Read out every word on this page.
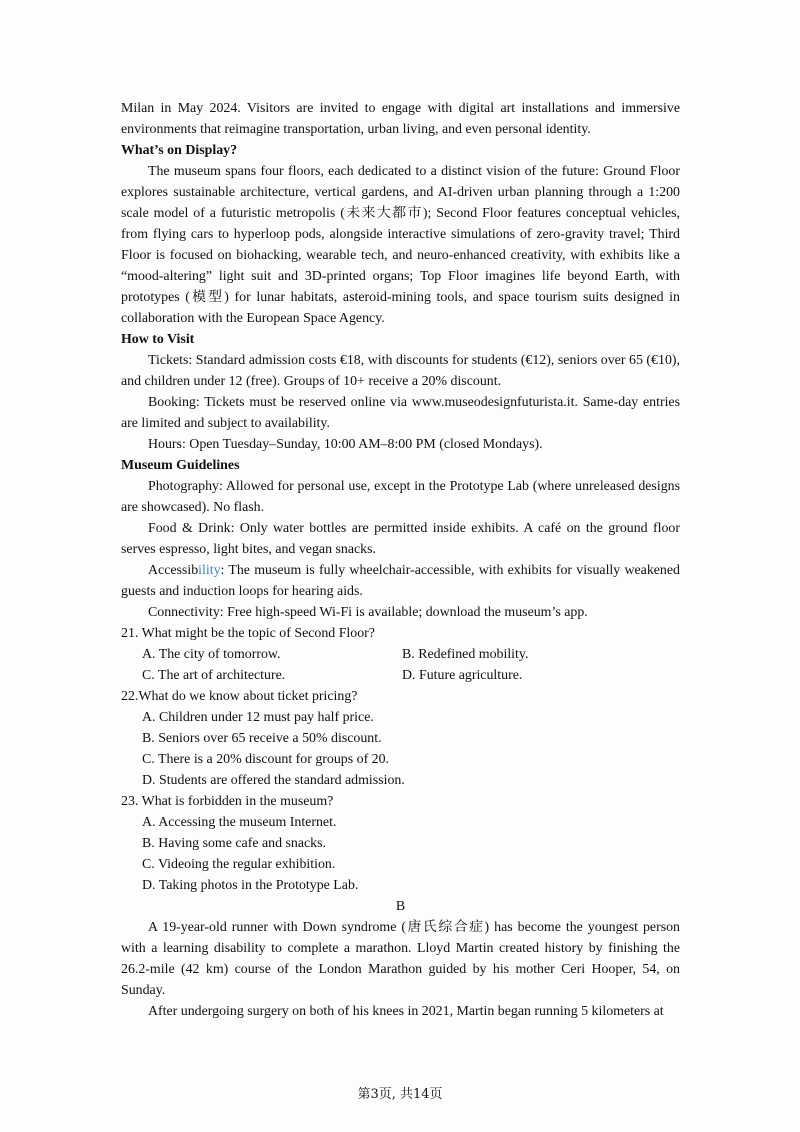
Milan in May 2024. Visitors are invited to engage with digital art installations and immersive environments that reimagine transportation, urban living, and even personal identity.

What’s on Display?

The museum spans four floors, each dedicated to a distinct vision of the future: Ground Floor explores sustainable architecture, vertical gardens, and AI-driven urban planning through a 1:200 scale model of a futuristic metropolis (未来大都市); Second Floor features conceptual vehicles, from flying cars to hyperloop pods, alongside interactive simulations of zero-gravity travel; Third Floor is focused on biohacking, wearable tech, and neuro-enhanced creativity, with exhibits like a “mood-altering” light suit and 3D-printed organs; Top Floor imagines life beyond Earth, with prototypes (模型) for lunar habitats, asteroid-mining tools, and space tourism suits designed in collaboration with the European Space Agency.

How to Visit

Tickets: Standard admission costs €18, with discounts for students (€12), seniors over 65 (€10), and children under 12 (free). Groups of 10+ receive a 20% discount.

Booking: Tickets must be reserved online via www.museodesignfuturista.it. Same-day entries are limited and subject to availability.

Hours: Open Tuesday–Sunday, 10:00 AM–8:00 PM (closed Mondays).

Museum Guidelines

Photography: Allowed for personal use, except in the Prototype Lab (where unreleased designs are showcased). No flash.

Food & Drink: Only water bottles are permitted inside exhibits. A café on the ground floor serves espresso, light bites, and vegan snacks.

Accessibility: The museum is fully wheelchair-accessible, with exhibits for visually weakened guests and induction loops for hearing aids.

Connectivity: Free high-speed Wi-Fi is available; download the museum’s app.

21. What might be the topic of Second Floor?

A. The city of tomorrow.	B. Redefined mobility.
C. The art of architecture.	D. Future agriculture.

22.What do we know about ticket pricing?

A. Children under 12 must pay half price.
B. Seniors over 65 receive a 50% discount.
C. There is a 20% discount for groups of 20.
D. Students are offered the standard admission.

23. What is forbidden in the museum?

A. Accessing the museum Internet.
B. Having some cafe and snacks.
C. Videoing the regular exhibition.
D. Taking photos in the Prototype Lab.

B

A 19-year-old runner with Down syndrome (唐氏综合症) has become the youngest person with a learning disability to complete a marathon. Lloyd Martin created history by finishing the 26.2-mile (42 km) course of the London Marathon guided by his mother Ceri Hooper, 54, on Sunday.

After undergoing surgery on both of his knees in 2021, Martin began running 5 kilometers at

第3页, 共14页
